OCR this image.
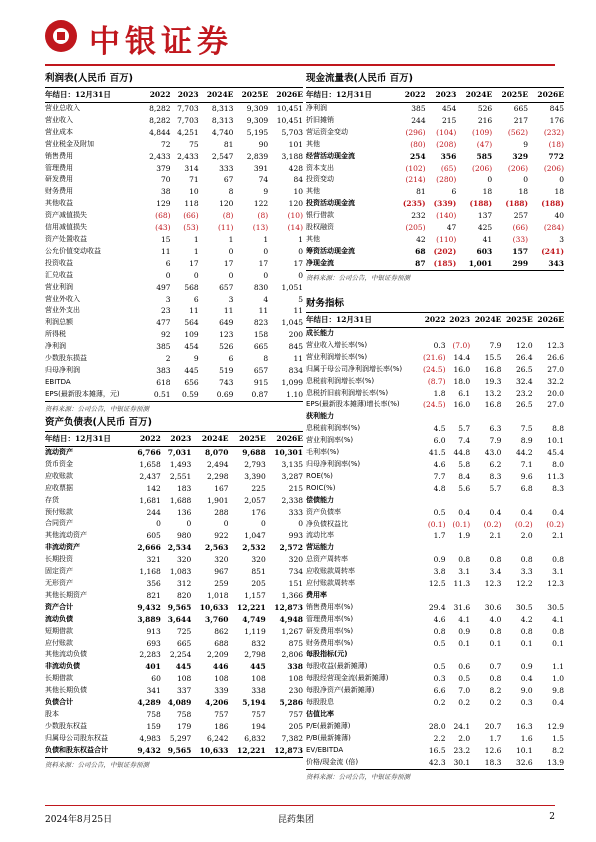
中银证券
利润表(人民币 百万)
年结日：12月31日	2022	2023	2024E	2025E	2026E
营业总收入	8,282	7,703	8,313	9,309	10,451
营业收入	8,282	7,703	8,313	9,309	10,451
营业成本	4,844	4,251	4,740	5,195	5,703
营业税金及附加	72	75	81	90	101
销售费用	2,433	2,433	2,547	2,839	3,188
管理费用	379	314	333	391	428
研发费用	70	71	67	74	84
财务费用	38	10	8	9	10
其他收益	129	118	120	122	120
资产减值损失	(68)	(66)	(8)	(8)	(10)
信用减值损失	(43)	(53)	(11)	(13)	(14)
资产处置收益	15	1	1	1	1
公允价值变动收益	11	1	0	0	0
投资收益	6	17	17	17	17
汇兑收益	0	0	0	0	0
营业利润	497	568	657	830	1,051
营业外收入	3	6	3	4	5
营业外支出	23	11	11	11	11
利润总额	477	564	649	823	1,045
所得税	92	109	123	158	200
净利润	385	454	526	665	845
少数股东损益	2	9	6	8	11
归母净利润	383	445	519	657	834
EBITDA	618	656	743	915	1,099
EPS(最新股本摊薄，元)	0.51	0.59	0.69	0.87	1.10
资料来源：公司公告，中银证券预测
资产负债表(人民币 百万)
年结日：12月31日	2022	2023	2024E	2025E	2026E
流动资产	6,766	7,031	8,070	9,688	10,301
货币资金	1,658	1,493	2,494	2,793	3,135
应收账款	2,437	2,551	2,298	3,390	3,287
应收票据	142	183	167	225	215
存货	1,681	1,688	1,901	2,057	2,338
预付账款	244	136	288	176	333
合同资产	0	0	0	0	0
其他流动资产	605	980	922	1,047	993
非流动资产	2,666	2,534	2,563	2,532	2,572
长期投资	321	320	320	320	320
固定资产	1,168	1,083	967	851	734
无形资产	356	312	259	205	151
其他长期资产	821	820	1,018	1,157	1,366
资产合计	9,432	9,565	10,633	12,221	12,873
流动负债	3,889	3,644	3,760	4,749	4,948
短期借款	913	725	862	1,119	1,267
应付账款	693	665	688	832	875
其他流动负债	2,283	2,254	2,209	2,798	2,806
非流动负债	401	445	446	445	338
长期借款	60	108	108	108	108
其他长期负债	341	337	339	338	230
负债合计	4,289	4,089	4,206	5,194	5,286
股本	758	758	757	757	757
少数股东权益	159	179	186	194	205
归属母公司股东权益	4,983	5,297	6,242	6,832	7,382
负债和股东权益合计	9,432	9,565	10,633	12,221	12,873
资料来源：公司公告，中银证券预测
现金流量表(人民币 百万)
年结日：12月31日	2022	2023	2024E	2025E	2026E
净利润	385	454	526	665	845
折旧摊销	244	215	216	217	176
营运资金变动	(296)	(104)	(109)	(562)	(232)
其他	(80)	(208)	(47)	9	(18)
经营活动现金流	254	356	585	329	772
资本支出	(102)	(65)	(206)	(206)	(206)
投资变动	(214)	(280)	0	0	0
其他	81	6	18	18	18
投资活动现金流	(235)	(339)	(188)	(188)	(188)
银行借款	232	(140)	137	257	40
股权融资	(205)	47	425	(66)	(284)
其他	42	(110)	41	(33)	3
筹资活动现金流	68	(202)	603	157	(241)
净现金流	87	(185)	1,001	299	343
资料来源：公司公告，中银证券预测
财务指标
年结日：12月31日	2022	2023	2024E	2025E	2026E
成长能力					
营业收入增长率(%)	0.3	(7.0)	7.9	12.0	12.3
营业利润增长率(%)	(21.6)	14.4	15.5	26.4	26.6
归属于母公司净利润增长率(%)	(24.5)	16.0	16.8	26.5	27.0
息税前利润增长率(%)	(8.7)	18.0	19.3	32.4	32.2
息税折旧前利润增长率(%)	1.8	6.1	13.2	23.2	20.0
EPS(最新股本摊薄)增长率(%)	(24.5)	16.0	16.8	26.5	27.0
获利能力					
息税前利润率(%)	4.5	5.7	6.3	7.5	8.8
营业利润率(%)	6.0	7.4	7.9	8.9	10.1
毛利率(%)	41.5	44.8	43.0	44.2	45.4
归母净利润率(%)	4.6	5.8	6.2	7.1	8.0
ROE(%)	7.7	8.4	8.3	9.6	11.3
ROIC(%)	4.8	5.6	5.7	6.8	8.3
偿债能力					
资产负债率	0.5	0.4	0.4	0.4	0.4
净负债权益比	(0.1)	(0.1)	(0.2)	(0.2)	(0.2)
流动比率	1.7	1.9	2.1	2.0	2.1
营运能力					
总资产周转率	0.9	0.8	0.8	0.8	0.8
应收账款周转率	3.8	3.1	3.4	3.3	3.1
应付账款周转率	12.5	11.3	12.3	12.2	12.3
费用率					
销售费用率(%)	29.4	31.6	30.6	30.5	30.5
管理费用率(%)	4.6	4.1	4.0	4.2	4.1
研发费用率(%)	0.8	0.9	0.8	0.8	0.8
财务费用率(%)	0.5	0.1	0.1	0.1	0.1
每股指标(元)					
每股收益(最新摊薄)	0.5	0.6	0.7	0.9	1.1
每股经营现金流(最新摊薄)	0.3	0.5	0.8	0.4	1.0
每股净资产(最新摊薄)	6.6	7.0	8.2	9.0	9.8
每股股息	0.2	0.2	0.2	0.3	0.4
估值比率					
P/E(最新摊薄)	28.0	24.1	20.7	16.3	12.9
P/B(最新摊薄)	2.2	2.0	1.7	1.6	1.5
EV/EBITDA	16.5	23.2	12.6	10.1	8.2
价格/现金流 (倍)	42.3	30.1	18.3	32.6	13.9
资料来源：公司公告，中银证券预测
2024年8月25日	昆药集团	2
